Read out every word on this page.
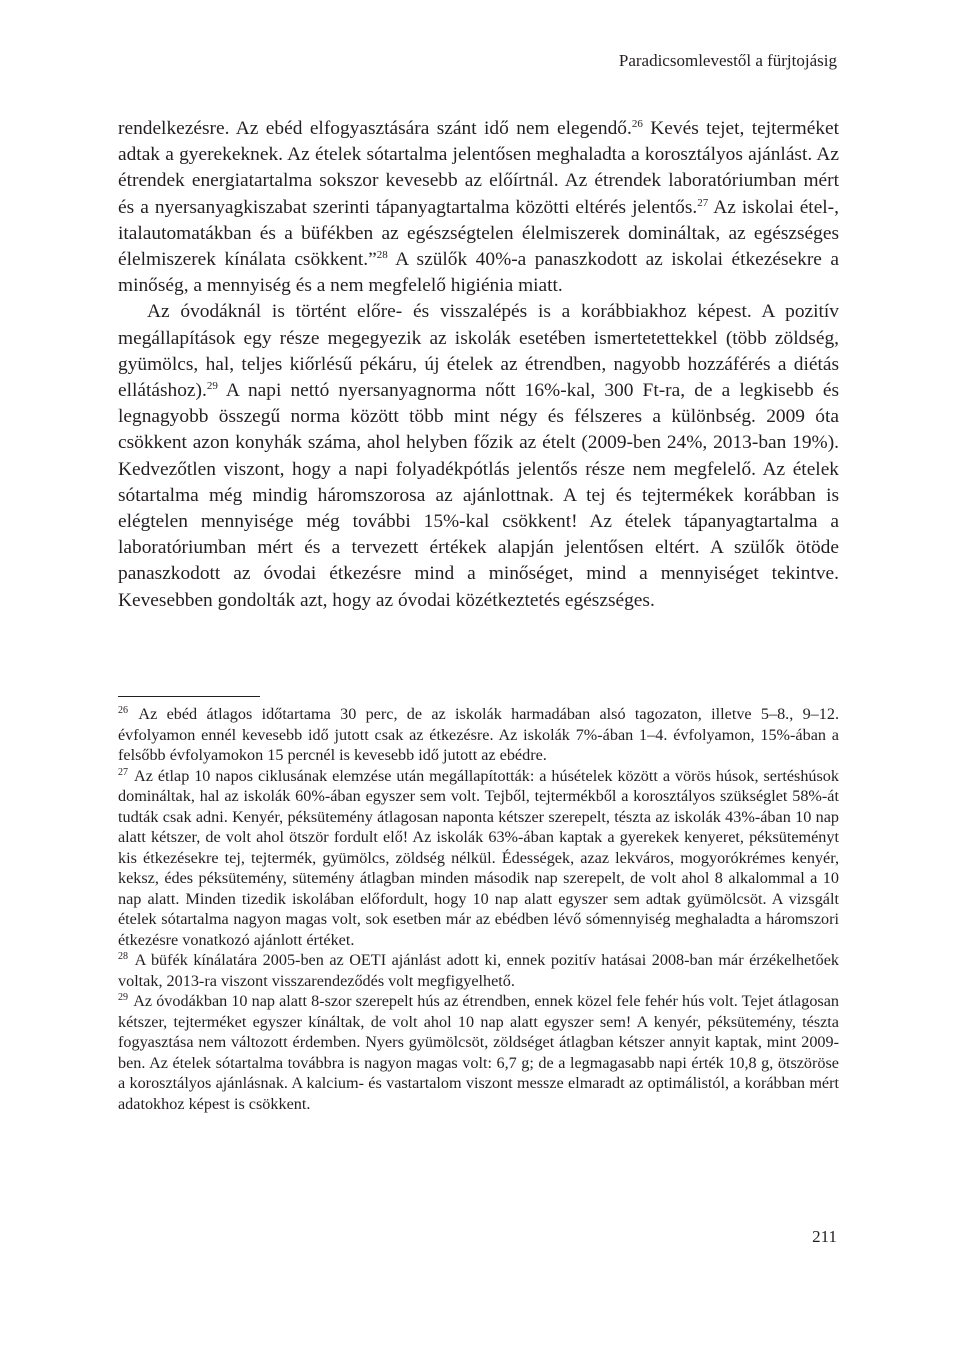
Paradicsomlevestől a fürjtojásig

rendelkezésre. Az ebéd elfogyasztására szánt idő nem elegendő.$^{26}$ Kevés tejet, tejterméket adtak a gyerekeknek. Az ételek sótartalma jelentősen meghaladta a korosztályos ajánlást. Az étrendek energiatartalma sokszor kevesebb az előírtnál. Az étrendek laboratóriumban mért és a nyersanyagkiszabat szerinti tápanyagtartalma közötti eltérés jelentős.$^{27}$ Az iskolai étel-, italautomatákban és a büfékben az egészségtelen élelmiszerek domináltak, az egészséges élelmiszerek kínálata csökkent.”$^{28}$ A szülők 40%-a panaszkodott az iskolai étkezésekre a minőség, a mennyiség és a nem megfelelő higiénia miatt.

Az óvodáknál is történt előre- és visszalépés is a korábbiakhoz képest. A pozitív megállapítások egy része megegyezik az iskolák esetében ismertetettekkel (több zöldség, gyümölcs, hal, teljes kiőrlésű pékáru, új ételek az étrendben, nagyobb hozzáférés a diétás ellátáshoz).$^{29}$ A napi nettó nyersanyagnorma nőtt 16%-kal, 300 Ft-ra, de a legkisebb és legnagyobb összegű norma között több mint négy és félszeres a különbség. 2009 óta csökkent azon konyhák száma, ahol helyben főzik az ételt (2009-ben 24%, 2013-ban 19%). Kedvezőtlen viszont, hogy a napi folyadékpótlás jelentős része nem megfelelő. Az ételek sótartalma még mindig háromszorosa az ajánlottnak. A tej és tejtermékek korábban is elégtelen mennyisége még további 15%-kal csökkent! Az ételek tápanyagtartalma a laboratóriumban mért és a tervezett értékek alapján jelentősen eltért. A szülők ötöde panaszkodott az óvodai étkezésre mind a minőséget, mind a mennyiséget tekintve. Kevesebben gondolták azt, hogy az óvodai közétkeztetés egészséges.

$^{26}$ Az ebéd átlagos időtartama 30 perc, de az iskolák harmadában alsó tagozaton, illetve 5–8., 9–12. évfolyamon ennél kevesebb idő jutott csak az étkezésre. Az iskolák 7%-ában 1–4. évfolyamon, 15%-ában a felsőbb évfolyamokon 15 percnél is kevesebb idő jutott az ebédre.

$^{27}$ Az étlap 10 napos ciklusának elemzése után megállapították: a húsételek között a vörös húsok, sertéshúsok domináltak, hal az iskolák 60%-ában egyszer sem volt. Tejből, tejtermékből a korosztályos szükséglet 58%-át tudták csak adni. Kenyér, péksütemény átlagosan naponta kétszer szerepelt, tészta az iskolák 43%-ában 10 nap alatt kétszer, de volt ahol ötször fordult elő! Az iskolák 63%-ában kaptak a gyerekek kenyeret, péksüteményt kis étkezésekre tej, tejtermék, gyümölcs, zöldség nélkül. Édességek, azaz lekváros, mogyorókrémes kenyér, keksz, édes péksütemény, sütemény átlagban minden második nap szerepelt, de volt ahol 8 alkalommal a 10 nap alatt. Minden tizedik iskolában előfordult, hogy 10 nap alatt egyszer sem adtak gyümölcsöt. A vizsgált ételek sótartalma nagyon magas volt, sok esetben már az ebédben lévő sómennyiség meghaladta a háromszori étkezésre vonatkozó ajánlott értéket.

$^{28}$ A büfék kínálatára 2005-ben az OETI ajánlást adott ki, ennek pozitív hatásai 2008-ban már érzékelhetőek voltak, 2013-ra viszont visszarendeződés volt megfigyelhető.

$^{29}$ Az óvodákban 10 nap alatt 8-szor szerepelt hús az étrendben, ennek közel fele fehér hús volt. Tejet átlagosan kétszer, tejterméket egyszer kínáltak, de volt ahol 10 nap alatt egyszer sem! A kenyér, péksütemény, tészta fogyasztása nem változott érdemben. Nyers gyümölcsöt, zöldséget átlagban kétszer annyit kaptak, mint 2009-ben. Az ételek sótartalma továbbra is nagyon magas volt: 6,7 g; de a legmagasabb napi érték 10,8 g, ötszöröse a korosztályos ajánlásnak. A kalcium- és vastartalom viszont messze elmaradt az optimálistól, a korábban mért adatokhoz képest is csökkent.

211
